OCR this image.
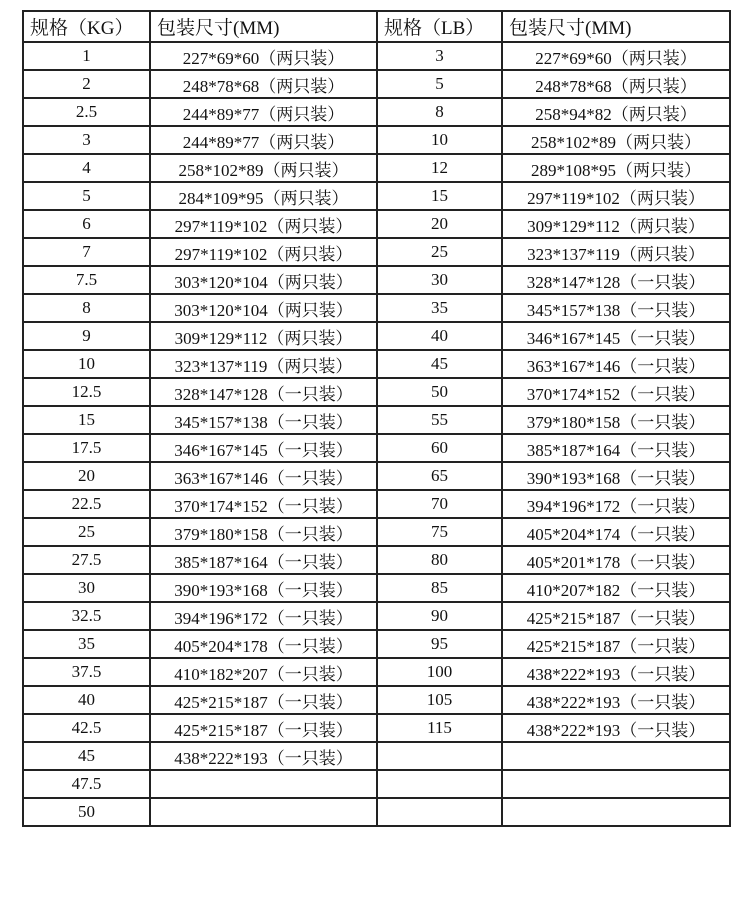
规格（KG）	包装尺寸(MM)	规格（LB）	包装尺寸(MM)
1	227*69*60（两只装）	3	227*69*60（两只装）
2	248*78*68（两只装）	5	248*78*68（两只装）
2.5	244*89*77（两只装）	8	258*94*82（两只装）
3	244*89*77（两只装）	10	258*102*89（两只装）
4	258*102*89（两只装）	12	289*108*95（两只装）
5	284*109*95（两只装）	15	297*119*102（两只装）
6	297*119*102（两只装）	20	309*129*112（两只装）
7	297*119*102（两只装）	25	323*137*119（两只装）
7.5	303*120*104（两只装）	30	328*147*128（一只装）
8	303*120*104（两只装）	35	345*157*138（一只装）
9	309*129*112（两只装）	40	346*167*145（一只装）
10	323*137*119（两只装）	45	363*167*146（一只装）
12.5	328*147*128（一只装）	50	370*174*152（一只装）
15	345*157*138（一只装）	55	379*180*158（一只装）
17.5	346*167*145（一只装）	60	385*187*164（一只装）
20	363*167*146（一只装）	65	390*193*168（一只装）
22.5	370*174*152（一只装）	70	394*196*172（一只装）
25	379*180*158（一只装）	75	405*204*174（一只装）
27.5	385*187*164（一只装）	80	405*201*178（一只装）
30	390*193*168（一只装）	85	410*207*182（一只装）
32.5	394*196*172（一只装）	90	425*215*187（一只装）
35	405*204*178（一只装）	95	425*215*187（一只装）
37.5	410*182*207（一只装）	100	438*222*193（一只装）
40	425*215*187（一只装）	105	438*222*193（一只装）
42.5	425*215*187（一只装）	115	438*222*193（一只装）
45	438*222*193（一只装）		
47.5			
50			
